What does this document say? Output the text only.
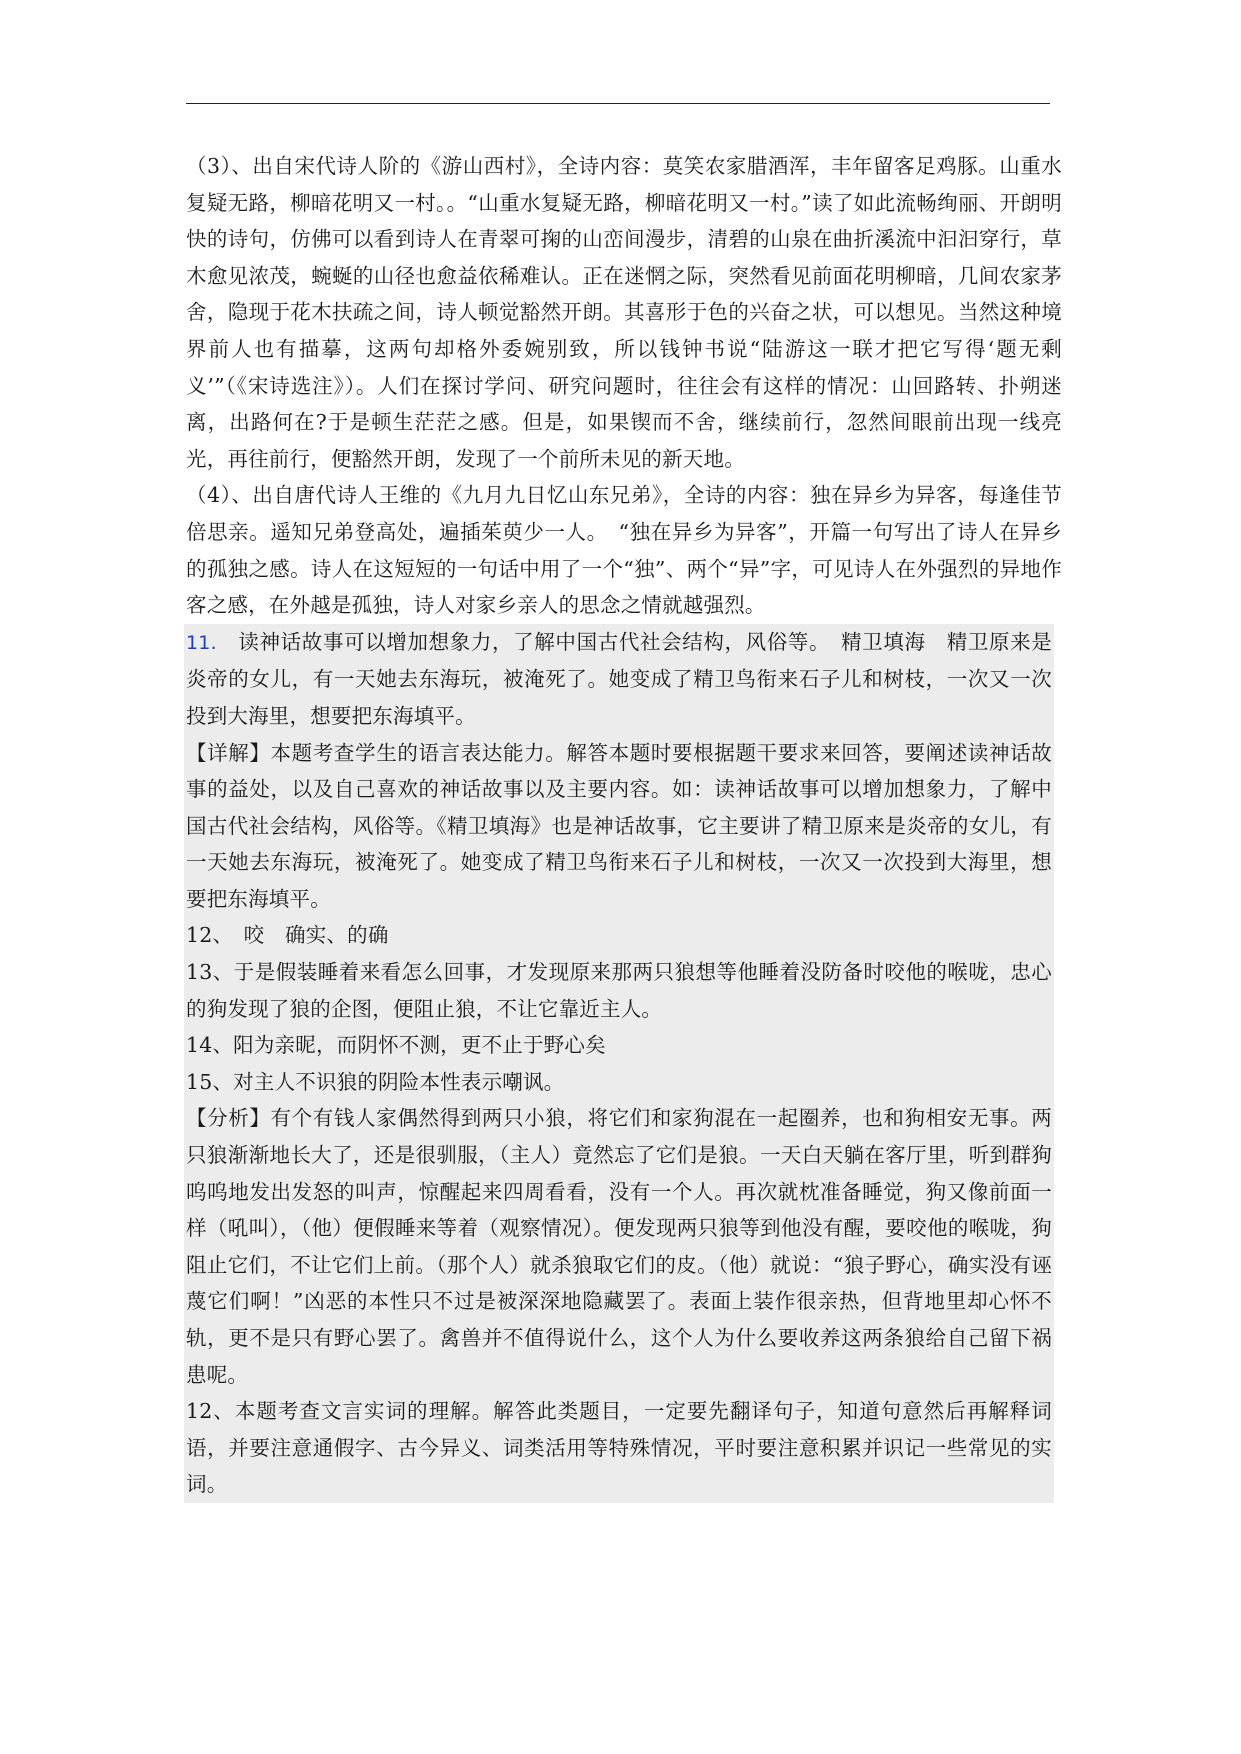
（3）、出自宋代诗人阶的《游山西村》，全诗内容：莫笑农家腊酒浑，丰年留客足鸡豚。山重水复疑无路，柳暗花明又一村。。“山重水复疑无路，柳暗花明又一村。”读了如此流畅绚丽、开朗明快的诗句，仿佛可以看到诗人在青翠可掬的山峦间漫步，清碧的山泉在曲折溪流中汩汩穿行，草木愈见浓茂，蜿蜒的山径也愈益依稀难认。正在迷惘之际，突然看见前面花明柳暗，几间农家茅舍，隐现于花木扶疏之间，诗人顿觉豁然开朗。其喜形于色的兴奋之状，可以想见。当然这种境界前人也有描摹，这两句却格外委婉别致，所以钱钟书说“陆游这一联才把它写得‘题无剩义’”（《宋诗选注》）。人们在探讨学问、研究问题时，往往会有这样的情况：山回路转、扑朔迷离，出路何在?于是顿生茫茫之感。但是，如果锲而不舍，继续前行，忽然间眼前出现一线亮光，再往前行，便豁然开朗，发现了一个前所未见的新天地。

（4）、出自唐代诗人王维的《九月九日忆山东兄弟》，全诗的内容：独在异乡为异客，每逢佳节倍思亲。遥知兄弟登高处，遍插茱萸少一人。　“独在异乡为异客”，开篇一句写出了诗人在异乡的孤独之感。诗人在这短短的一句话中用了一个“独”、两个“异”字，可见诗人在外强烈的异地作客之感，在外越是孤独，诗人对家乡亲人的思念之情就越强烈。

11.　读神话故事可以增加想象力，了解中国古代社会结构，风俗等。　精卫填海　精卫原来是炎帝的女儿，有一天她去东海玩，被淹死了。她变成了精卫鸟衔来石子儿和树枝，一次又一次投到大海里，想要把东海填平。

【详解】本题考查学生的语言表达能力。解答本题时要根据题干要求来回答，要阐述读神话故事的益处，以及自己喜欢的神话故事以及主要内容。如：读神话故事可以增加想象力，了解中国古代社会结构，风俗等。《精卫填海》也是神话故事，它主要讲了精卫原来是炎帝的女儿，有一天她去东海玩，被淹死了。她变成了精卫鸟衔来石子儿和树枝，一次又一次投到大海里，想要把东海填平。

12、　咬　确实、的确

13、于是假装睡着来看怎么回事，才发现原来那两只狼想等他睡着没防备时咬他的喉咙，忠心的狗发现了狼的企图，便阻止狼，不让它靠近主人。

14、阳为亲昵，而阴怀不测，更不止于野心矣

15、对主人不识狼的阴险本性表示嘲讽。

【分析】有个有钱人家偶然得到两只小狼，将它们和家狗混在一起圈养，也和狗相安无事。两只狼渐渐地长大了，还是很驯服，（主人）竟然忘了它们是狼。一天白天躺在客厅里，听到群狗呜呜地发出发怒的叫声，惊醒起来四周看看，没有一个人。再次就枕准备睡觉，狗又像前面一样（吼叫），（他）便假睡来等着（观察情况）。便发现两只狼等到他没有醒，要咬他的喉咙，狗阻止它们，不让它们上前。（那个人）就杀狼取它们的皮。（他）就说：“狼子野心，确实没有诬蔑它们啊！”凶恶的本性只不过是被深深地隐藏罢了。表面上装作很亲热，但背地里却心怀不轨，更不是只有野心罢了。禽兽并不值得说什么，这个人为什么要收养这两条狼给自己留下祸患呢。

12、本题考查文言实词的理解。解答此类题目，一定要先翻译句子，知道句意然后再解释词语，并要注意通假字、古今异义、词类活用等特殊情况，平时要注意积累并识记一些常见的实词。
